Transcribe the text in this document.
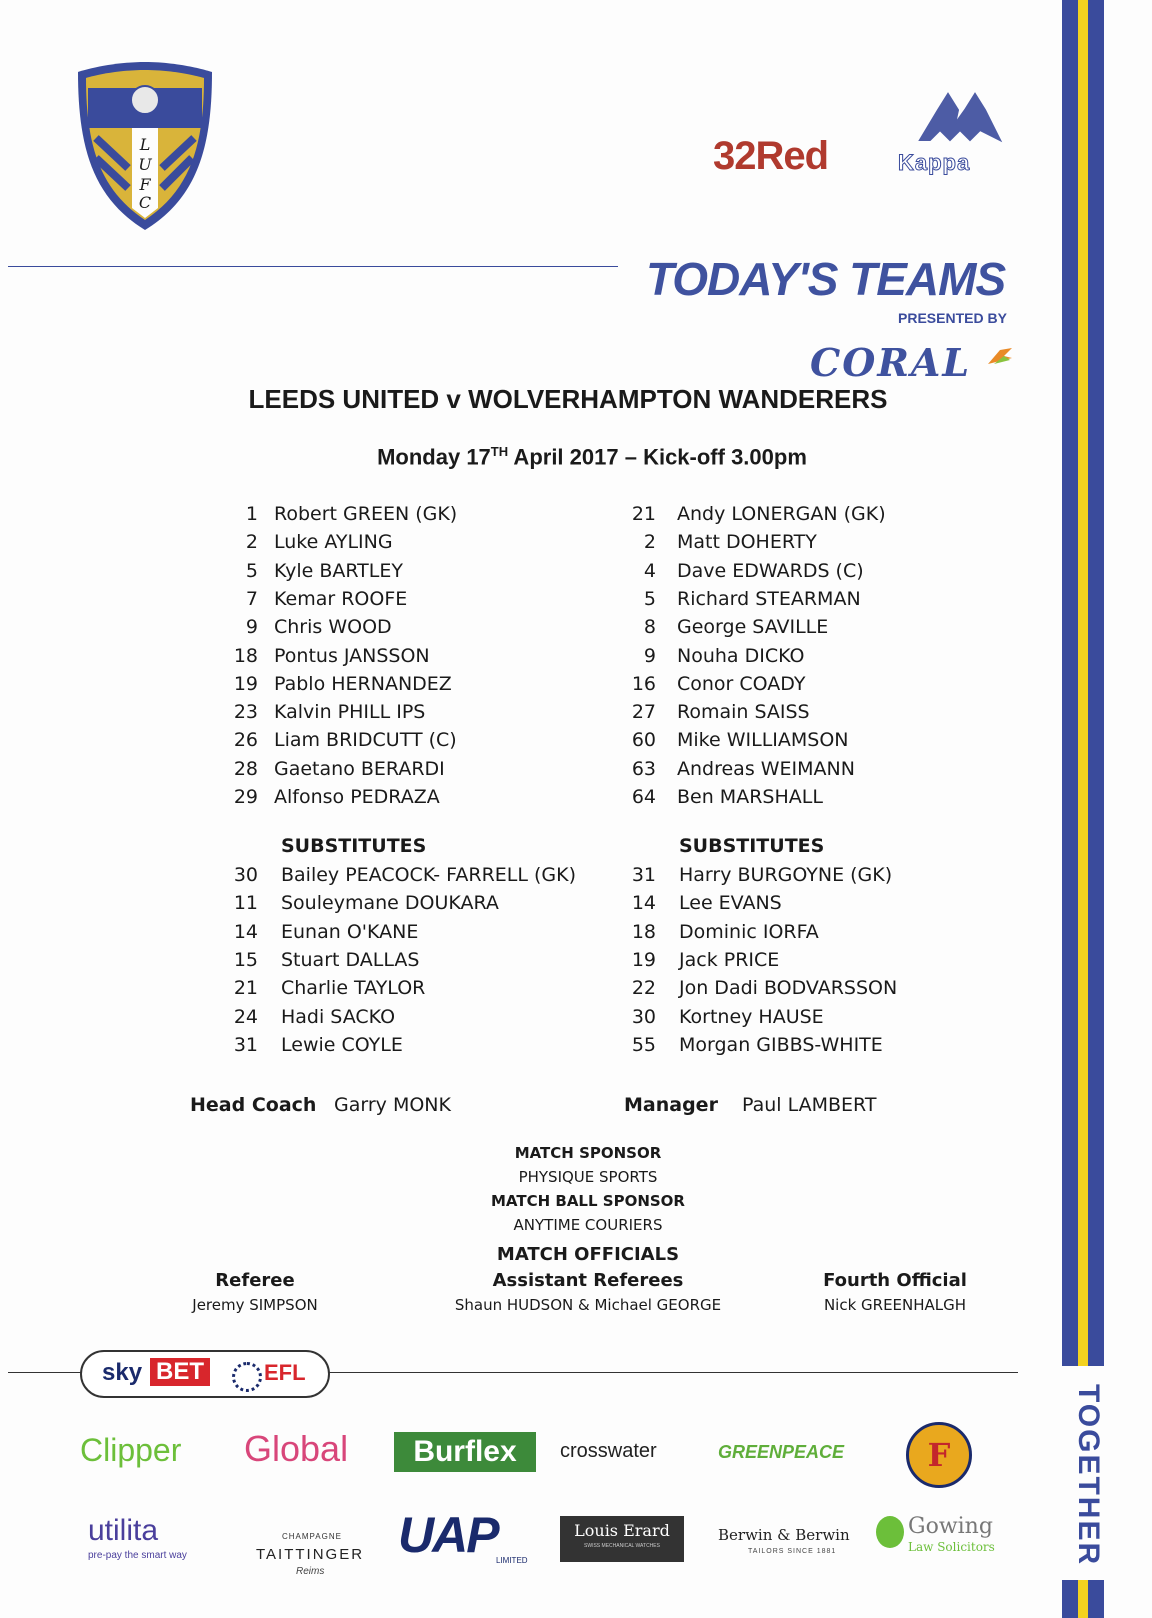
TOGETHER
L
U
F
C
32Red	Kappa
TODAY'S TEAMS
PRESENTED BY
CORAL
LEEDS UNITED v WOLVERHAMPTON WANDERERS
Monday 17TH April 2017 – Kick-off 3.00pm
1 Robert GREEN (GK)
2 Luke AYLING
5 Kyle BARTLEY
7 Kemar ROOFE
9 Chris WOOD
18 Pontus JANSSON
19 Pablo HERNANDEZ
23 Kalvin PHILL IPS
26 Liam BRIDCUTT (C)
28 Gaetano BERARDI
29 Alfonso PEDRAZA
SUBSTITUTES
30 Bailey PEACOCK- FARRELL (GK)
11 Souleymane DOUKARA
14 Eunan O'KANE
15 Stuart DALLAS
21 Charlie TAYLOR
24 Hadi SACKO
31 Lewie COYLE
21 Andy LONERGAN (GK)
2 Matt DOHERTY
4 Dave EDWARDS (C)
5 Richard STEARMAN
8 George SAVILLE
9 Nouha DICKO
16 Conor COADY
27 Romain SAISS
60 Mike WILLIAMSON
63 Andreas WEIMANN
64 Ben MARSHALL
SUBSTITUTES
31 Harry BURGOYNE (GK)
14 Lee EVANS
18 Dominic IORFA
19 Jack PRICE
22 Jon Dadi BODVARSSON
30 Kortney HAUSE
55 Morgan GIBBS-WHITE
Head Coach Garry MONK	Manager Paul LAMBERT
MATCH SPONSOR
PHYSIQUE SPORTS
MATCH BALL SPONSOR
ANYTIME COURIERS
MATCH OFFICIALS
Referee
Jeremy SIMPSON
Assistant Referees
Shaun HUDSON & Michael GEORGE
Fourth Official
Nick GREENHALGH
sky BET	EFL
Clipper Global	Burflex	crosswater	GREENPEACE	F
utilita
pre-pay the smart way
CHAMPAGNE
TAITTINGER
Reims
UAP
LIMITED
Louis Erard
SWISS MECHANICAL WATCHES
Berwin & Berwin
TAILORS SINCE 1881
Gowing
Law Solicitors
